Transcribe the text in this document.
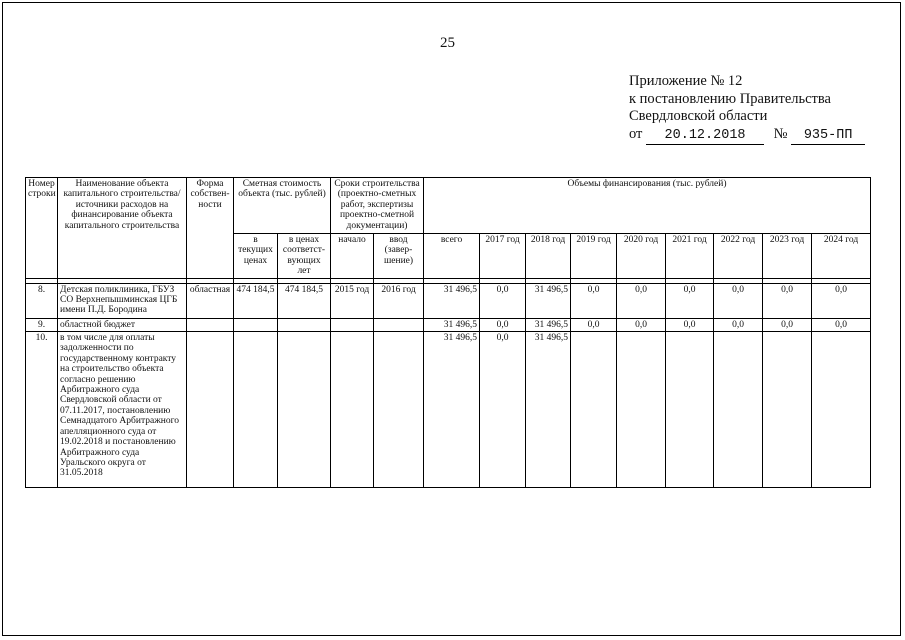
25
Приложение № 12
к постановлению Правительства
Свердловской области
от 20.12.2018 № 935-ПП
Номер строки	Наименование объекта капитального строительства/ источники расходов на финансирование объекта капитального строительства	Форма собствен-ности	Сметная стоимость объекта (тыс. рублей)		Сроки строительства (проектно-сметных работ, экспертизы проектно-сметной документации)		Объемы финансирования (тыс. рублей)								
			в текущих ценах	в ценах соответст-вующих лет	начало	ввод (завер-шение)	всего	2017 год	2018 год	2019 год	2020 год	2021 год	2022 год	2023 год	2024 год

8.	Детская поликлиника, ГБУЗ СО Верхнепышминская ЦГБ имени П.Д. Бородина	областная	474 184,5	474 184,5	2015 год	2016 год	31 496,5	0,0	31 496,5	0,0	0,0	0,0	0,0	0,0	0,0
9.	областной бюджет						31 496,5	0,0	31 496,5	0,0	0,0	0,0	0,0	0,0	0,0
10.	в том числе для оплаты задолженности по государственному контракту на строительство объекта согласно решению Арбитражного суда Свердловской области от 07.11.2017, постановлению Семнадцатого Арбитражного апелляционного суда от 19.02.2018 и постановлению Арбитражного суда Уральского округа от 31.05.2018						31 496,5	0,0	31 496,5						
